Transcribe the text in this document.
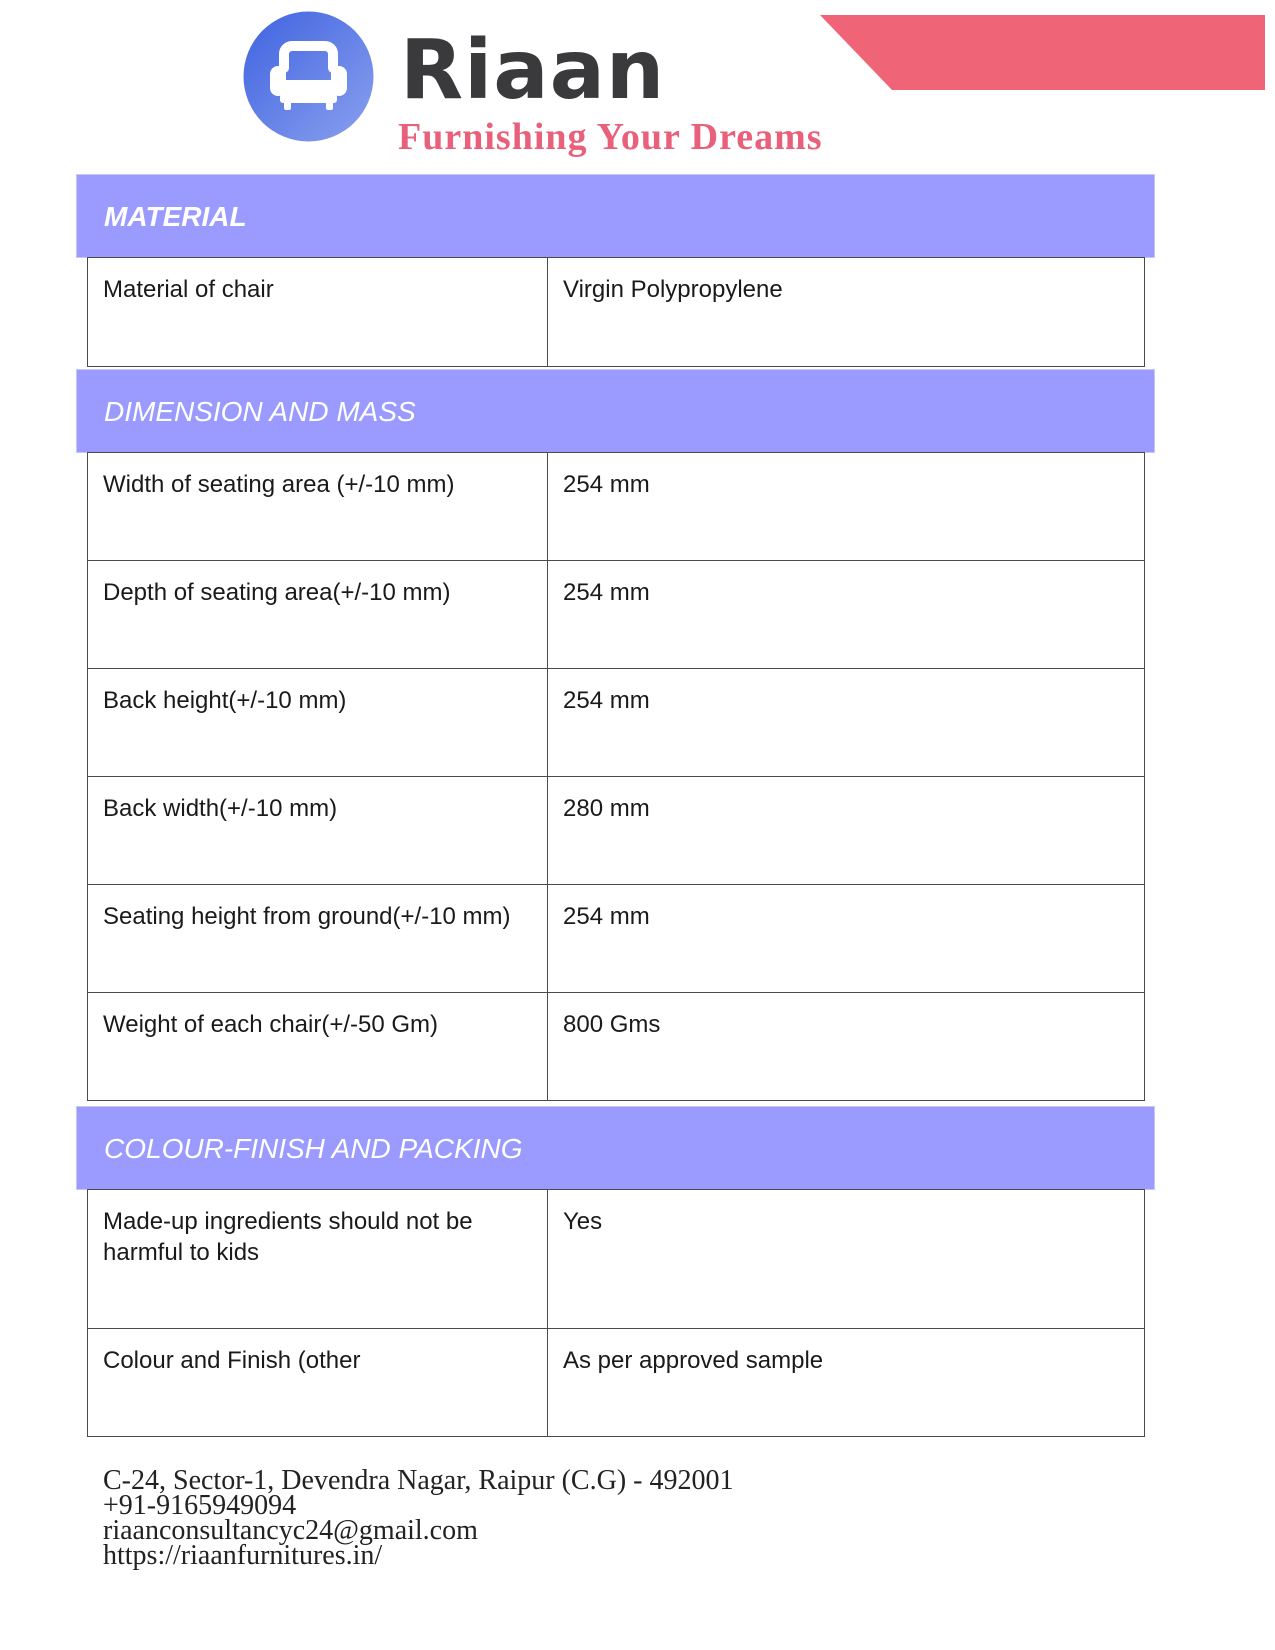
Riaan
Furnishing Your Dreams
MATERIAL
Material of chair	Virgin Polypropylene
DIMENSION AND MASS
Width of seating area (+/-10 mm)	254 mm
Depth of seating area(+/-10 mm)	254 mm
Back height(+/-10 mm)	254 mm
Back width(+/-10 mm)	280 mm
Seating height from ground(+/-10 mm)	254 mm
Weight of each chair(+/-50 Gm)	800 Gms
COLOUR-FINISH AND PACKING
Made-up ingredients should not be harmful to kids	Yes
Colour and Finish (other	As per approved sample
C-24, Sector-1, Devendra Nagar, Raipur (C.G) - 492001
+91-9165949094
riaanconsultancyc24@gmail.com
https://riaanfurnitures.in/
